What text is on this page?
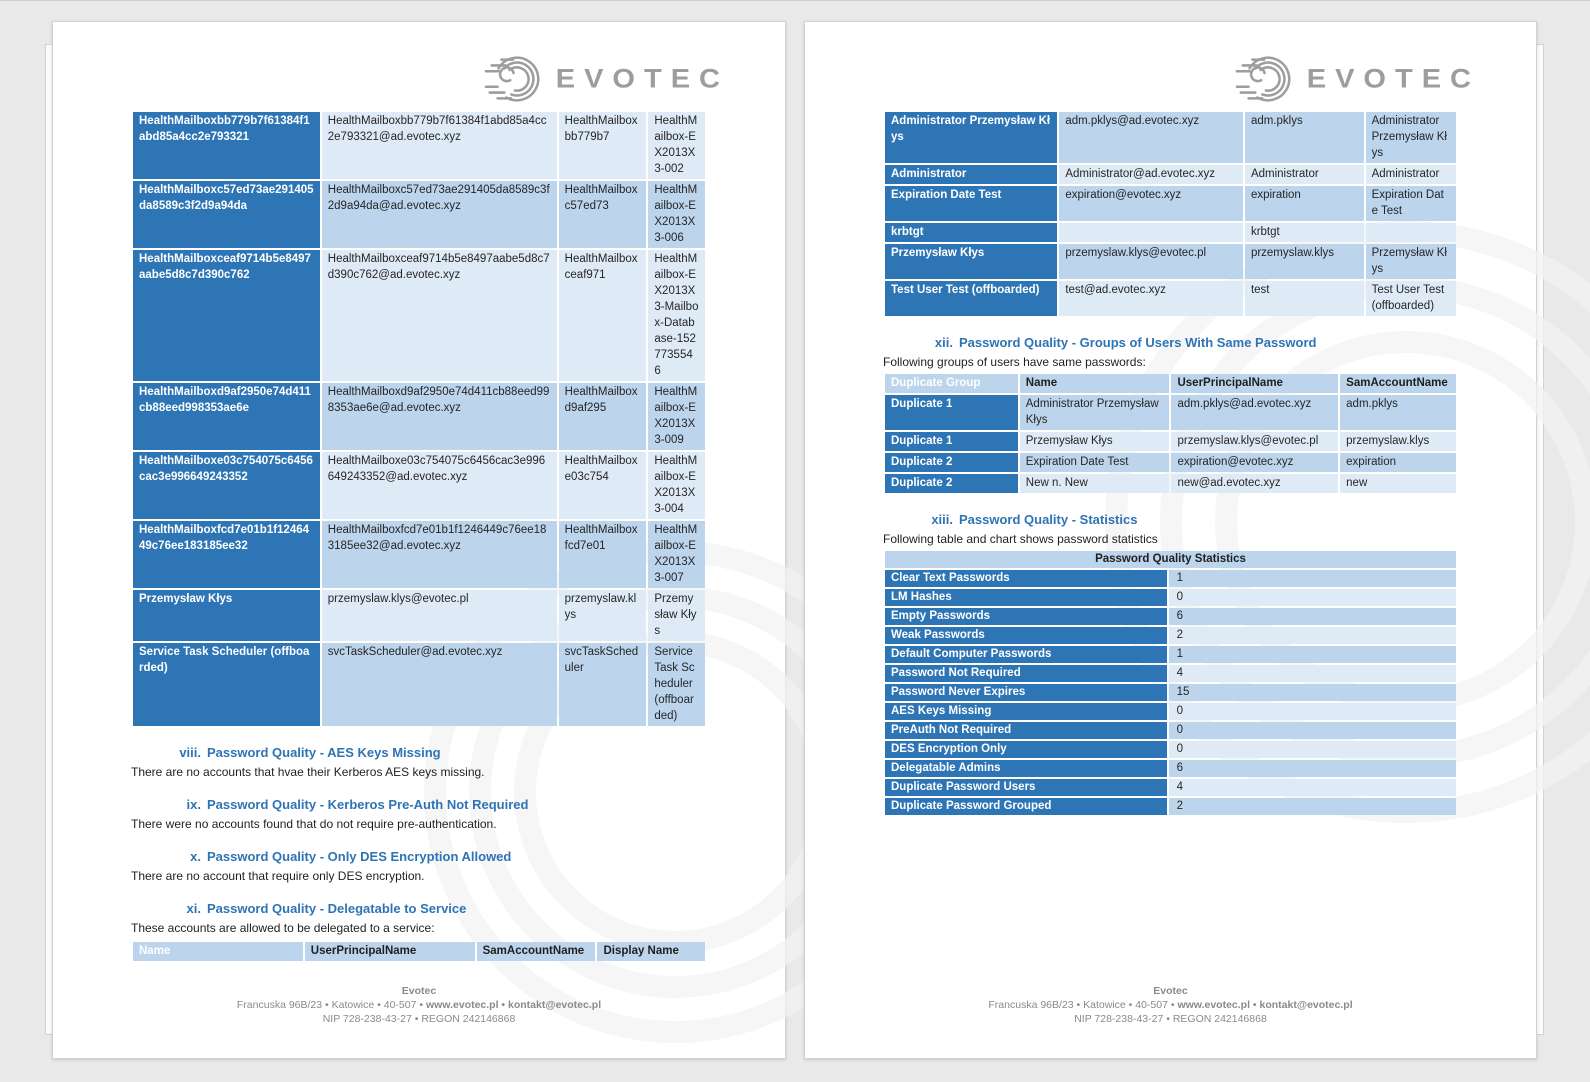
EVOTEC
HealthMailboxbb779b7f61384f1abd85a4cc2e793321	HealthMailboxbb779b7f61384f1abd85a4cc2e793321@ad.evotec.xyz	HealthMailboxbb779b7	HealthMailbox-EX2013X3-002
HealthMailboxc57ed73ae291405da8589c3f2d9a94da	HealthMailboxc57ed73ae291405da8589c3f2d9a94da@ad.evotec.xyz	HealthMailboxc57ed73	HealthMailbox-EX2013X3-006
HealthMailboxceaf9714b5e8497aabe5d8c7d390c762	HealthMailboxceaf9714b5e8497aabe5d8c7d390c762@ad.evotec.xyz	HealthMailboxceaf971	HealthMailbox-EX2013X3-Mailbox-Database-1527735546
HealthMailboxd9af2950e74d411cb88eed998353ae6e	HealthMailboxd9af2950e74d411cb88eed998353ae6e@ad.evotec.xyz	HealthMailboxd9af295	HealthMailbox-EX2013X3-009
HealthMailboxe03c754075c6456cac3e996649243352	HealthMailboxe03c754075c6456cac3e996649243352@ad.evotec.xyz	HealthMailboxe03c754	HealthMailbox-EX2013X3-004
HealthMailboxfcd7e01b1f1246449c76ee183185ee32	HealthMailboxfcd7e01b1f1246449c76ee183185ee32@ad.evotec.xyz	HealthMailboxfcd7e01	HealthMailbox-EX2013X3-007
Przemysław Kłys	przemyslaw.klys@evotec.pl	przemyslaw.klys	Przemysław Kłys
Service Task Scheduler (offboarded)	svcTaskScheduler@ad.evotec.xyz	svcTaskScheduler	Service Task Scheduler (offboarded)
viii. Password Quality - AES Keys Missing

There are no accounts that hvae their Kerberos AES keys missing.

ix. Password Quality - Kerberos Pre-Auth Not Required

There were no accounts found that do not require pre-authentication.

x. Password Quality - Only DES Encryption Allowed

There are no account that require only DES encryption.

xi. Password Quality - Delegatable to Service

These accounts are allowed to be delegated to a service:

Name	UserPrincipalName	SamAccountName	Display Name
Evotec
Francuska 96B/23 • Katowice • 40-507 • www.evotec.pl • kontakt@evotec.pl
NIP 728-238-43-27 • REGON 242146868
EVOTEC
Administrator Przemysław Kłys	adm.pklys@ad.evotec.xyz	adm.pklys	Administrator Przemysław Kłys
Administrator	Administrator@ad.evotec.xyz	Administrator	Administrator
Expiration Date Test	expiration@evotec.xyz	expiration	Expiration Date Test
krbtgt		krbtgt	
Przemysław Kłys	przemyslaw.klys@evotec.pl	przemyslaw.klys	Przemysław Kłys
Test User Test (offboarded)	test@ad.evotec.xyz	test	Test User Test (offboarded)
xii. Password Quality - Groups of Users With Same Password

Following groups of users have same passwords:

Duplicate Group	Name	UserPrincipalName	SamAccountName
Duplicate 1	Administrator Przemysław Kłys	adm.pklys@ad.evotec.xyz	adm.pklys
Duplicate 1	Przemysław Kłys	przemyslaw.klys@evotec.pl	przemyslaw.klys
Duplicate 2	Expiration Date Test	expiration@evotec.xyz	expiration
Duplicate 2	New n. New	new@ad.evotec.xyz	new
xiii. Password Quality - Statistics

Following table and chart shows password statistics

Password Quality Statistics	
Clear Text Passwords	1
LM Hashes	0
Empty Passwords	6
Weak Passwords	2
Default Computer Passwords	1
Password Not Required	4
Password Never Expires	15
AES Keys Missing	0
PreAuth Not Required	0
DES Encryption Only	0
Delegatable Admins	6
Duplicate Password Users	4
Duplicate Password Grouped	2
Evotec
Francuska 96B/23 • Katowice • 40-507 • www.evotec.pl • kontakt@evotec.pl
NIP 728-238-43-27 • REGON 242146868
